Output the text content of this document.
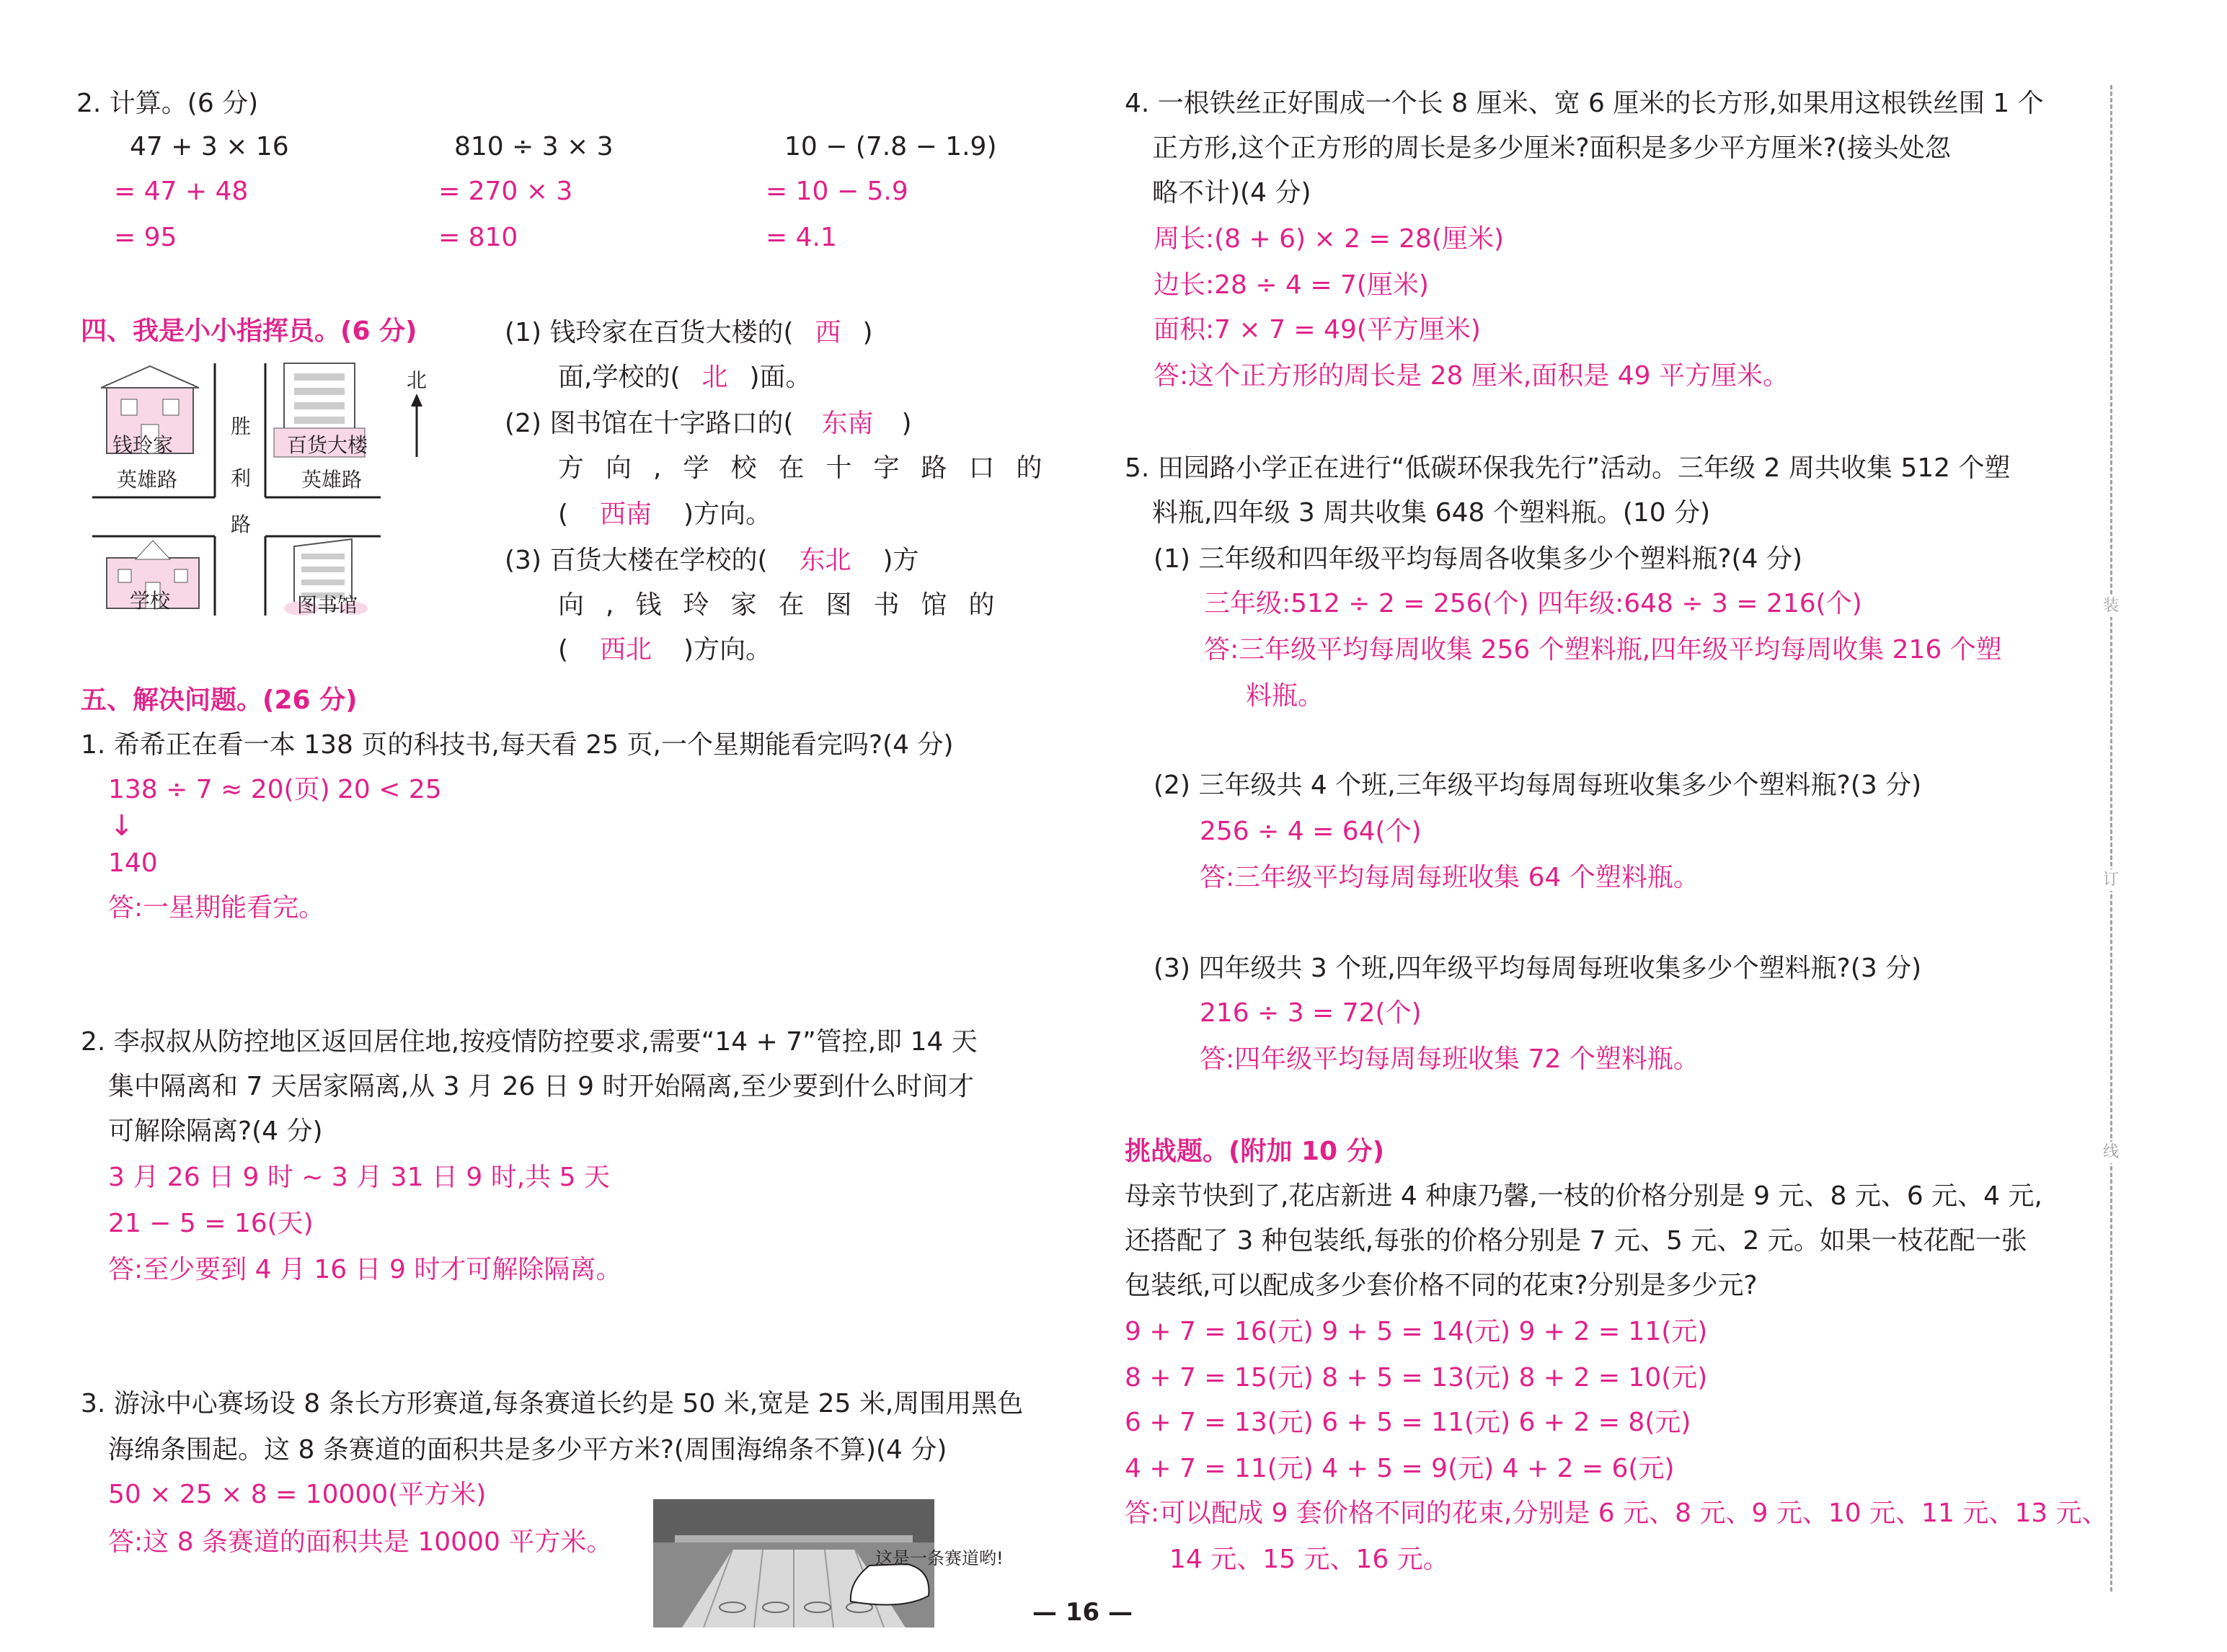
2. 计算。(6 分)
47 + 3 × 16
= 47 + 48
= 95
810 ÷ 3 × 3
= 270 × 3
= 810
10 − (7.8 − 1.9)
= 10 − 5.9
= 4.1
四、我是小小指挥员。(6 分)
北
胜
利
路
英雄路	英雄路
钱玲家	百货大楼
学校	图书馆
(1) 钱玲家在百货大楼的( 西 )
面,学校的( 北 )面。
(2) 图书馆在十字路口的( 东南 )
方向,学校在十字路口的
( 西南 )方向。
(3) 百货大楼在学校的( 东北 )方
向,钱玲家在图书馆的
( 西北 )方向。
五、解决问题。(26 分)
1. 希希正在看一本 138 页的科技书,每天看 25 页,一个星期能看完吗?(4 分)
138 ÷ 7 ≈ 20(页) 20 < 25
↓
140
答:一星期能看完。
2. 李叔叔从防控地区返回居住地,按疫情防控要求,需要“14 + 7”管控,即 14 天
集中隔离和 7 天居家隔离,从 3 月 26 日 9 时开始隔离,至少要到什么时间才
可解除隔离?(4 分)
3 月 26 日 9 时 ~ 3 月 31 日 9 时,共 5 天
21 − 5 = 16(天)
答:至少要到 4 月 16 日 9 时才可解除隔离。
3. 游泳中心赛场设 8 条长方形赛道,每条赛道长约是 50 米,宽是 25 米,周围用黑色
海绵条围起。这 8 条赛道的面积共是多少平方米?(周围海绵条不算)(4 分)
50 × 25 × 8 = 10000(平方米)
答:这 8 条赛道的面积共是 10000 平方米。
这是一条赛道哟!
4. 一根铁丝正好围成一个长 8 厘米、宽 6 厘米的长方形,如果用这根铁丝围 1 个
正方形,这个正方形的周长是多少厘米?面积是多少平方厘米?(接头处忽
略不计)(4 分)
周长:(8 + 6) × 2 = 28(厘米)
边长:28 ÷ 4 = 7(厘米)
面积:7 × 7 = 49(平方厘米)
答:这个正方形的周长是 28 厘米,面积是 49 平方厘米。
5. 田园路小学正在进行“低碳环保我先行”活动。三年级 2 周共收集 512 个塑
料瓶,四年级 3 周共收集 648 个塑料瓶。(10 分)
(1) 三年级和四年级平均每周各收集多少个塑料瓶?(4 分)
三年级:512 ÷ 2 = 256(个) 四年级:648 ÷ 3 = 216(个)
答:三年级平均每周收集 256 个塑料瓶,四年级平均每周收集 216 个塑
料瓶。
(2) 三年级共 4 个班,三年级平均每周每班收集多少个塑料瓶?(3 分)
256 ÷ 4 = 64(个)
答:三年级平均每周每班收集 64 个塑料瓶。
(3) 四年级共 3 个班,四年级平均每周每班收集多少个塑料瓶?(3 分)
216 ÷ 3 = 72(个)
答:四年级平均每周每班收集 72 个塑料瓶。
挑战题。(附加 10 分)
母亲节快到了,花店新进 4 种康乃馨,一枝的价格分别是 9 元、8 元、6 元、4 元,
还搭配了 3 种包装纸,每张的价格分别是 7 元、5 元、2 元。如果一枝花配一张
包装纸,可以配成多少套价格不同的花束?分别是多少元?
9 + 7 = 16(元) 9 + 5 = 14(元) 9 + 2 = 11(元)
8 + 7 = 15(元) 8 + 5 = 13(元) 8 + 2 = 10(元)
6 + 7 = 13(元) 6 + 5 = 11(元) 6 + 2 = 8(元)
4 + 7 = 11(元) 4 + 5 = 9(元) 4 + 2 = 6(元)
答:可以配成 9 套价格不同的花束,分别是 6 元、8 元、9 元、10 元、11 元、13 元、
14 元、15 元、16 元。
装
订
线
— 16 —
